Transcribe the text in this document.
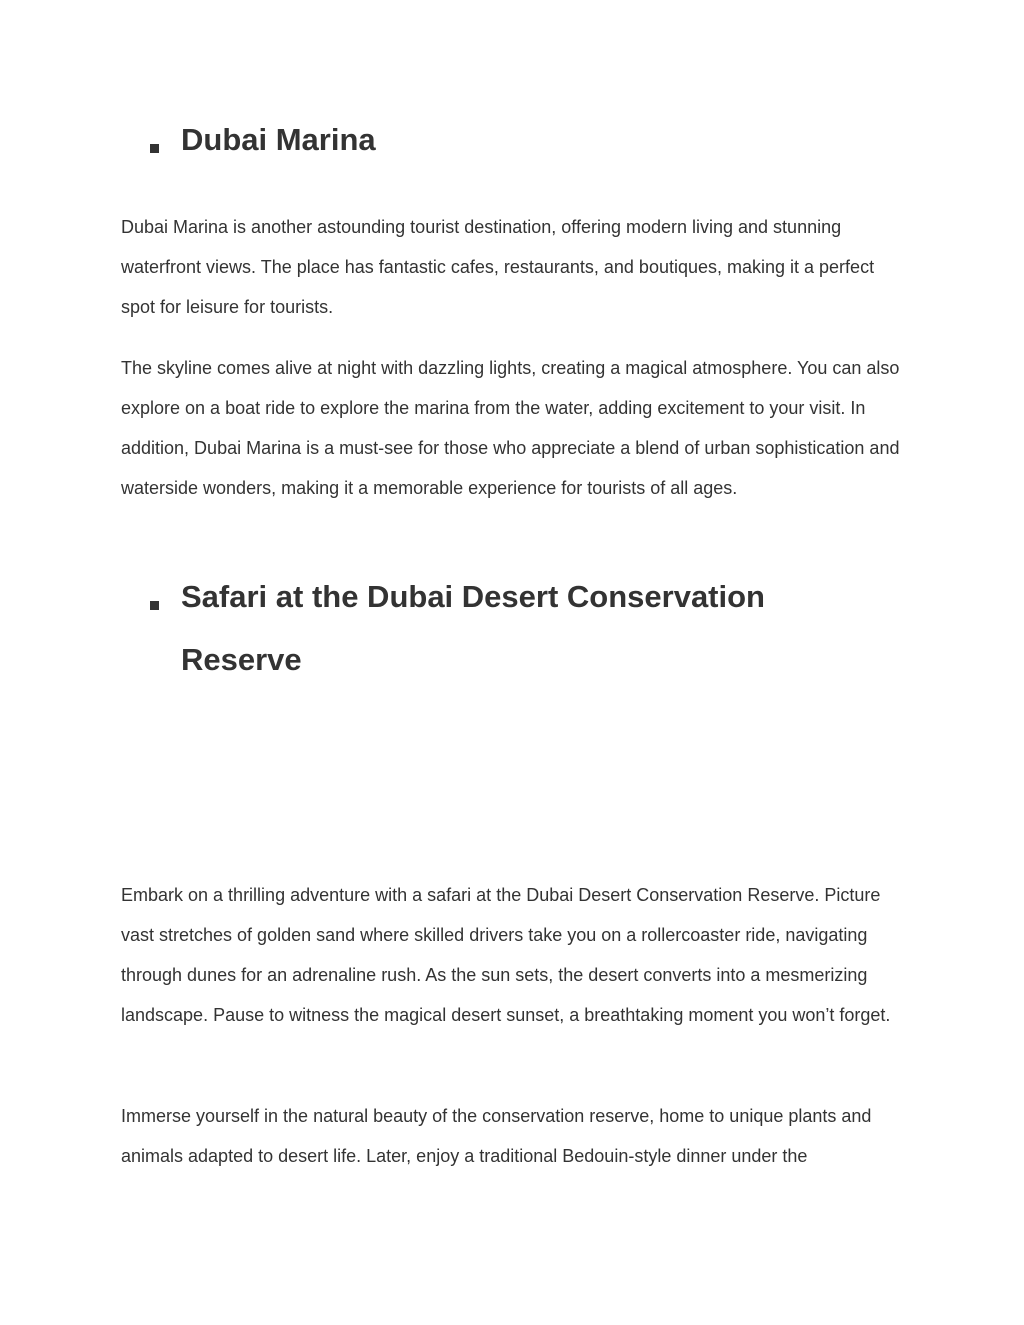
Dubai Marina

Dubai Marina is another astounding tourist destination, offering modern living and stunning waterfront views. The place has fantastic cafes, restaurants, and boutiques, making it a perfect spot for leisure for tourists.

The skyline comes alive at night with dazzling lights, creating a magical atmosphere. You can also explore on a boat ride to explore the marina from the water, adding excitement to your visit. In addition, Dubai Marina is a must-see for those who appreciate a blend of urban sophistication and waterside wonders, making it a memorable experience for tourists of all ages.

Safari at the Dubai Desert Conservation Reserve

Embark on a thrilling adventure with a safari at the Dubai Desert Conservation Reserve. Picture vast stretches of golden sand where skilled drivers take you on a rollercoaster ride, navigating through dunes for an adrenaline rush. As the sun sets, the desert converts into a mesmerizing landscape. Pause to witness the magical desert sunset, a breathtaking moment you won’t forget.

Immerse yourself in the natural beauty of the conservation reserve, home to unique plants and animals adapted to desert life. Later, enjoy a traditional Bedouin-style dinner under the
